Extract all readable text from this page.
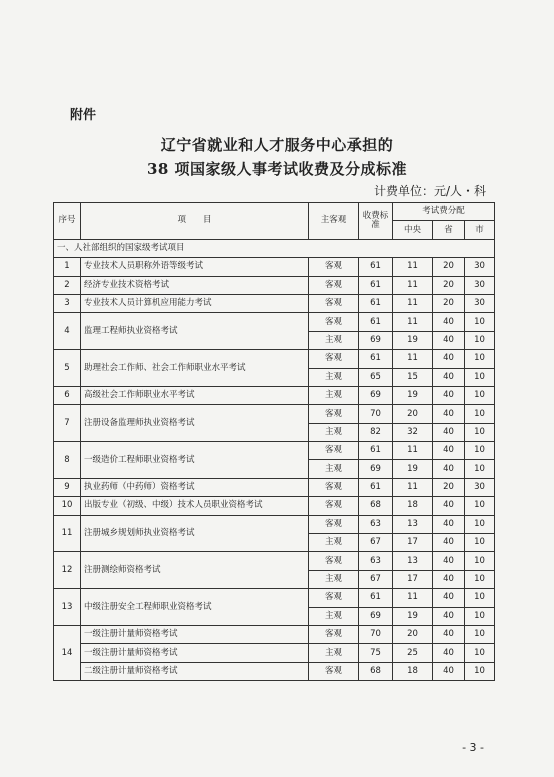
附件
辽宁省就业和人才服务中心承担的
38 项国家级人事考试收费及分成标准
计费单位：元/人・科
序号	项　　目	主客观	收费标准	考试费分配		
				中央	省	市
一、人社部组织的国家级考试项目						
1	专业技术人员职称外语等级考试	客观	61	11	20	30
2	经济专业技术资格考试	客观	61	11	20	30
3	专业技术人员计算机应用能力考试	客观	61	11	20	30
4	监理工程师执业资格考试	客观	61	11	40	10
		主观	69	19	40	10
5	助理社会工作师、社会工作师职业水平考试	客观	61	11	40	10
		主观	65	15	40	10
6	高级社会工作师职业水平考试	主观	69	19	40	10
7	注册设备监理师执业资格考试	客观	70	20	40	10
		主观	82	32	40	10
8	一级造价工程师职业资格考试	客观	61	11	40	10
		主观	69	19	40	10
9	执业药师（中药师）资格考试	客观	61	11	20	30
10	出版专业（初级、中级）技术人员职业资格考试	客观	68	18	40	10
11	注册城乡规划师执业资格考试	客观	63	13	40	10
		主观	67	17	40	10
12	注册测绘师资格考试	客观	63	13	40	10
		主观	67	17	40	10
13	中级注册安全工程师职业资格考试	客观	61	11	40	10
		主观	69	19	40	10
14	一级注册计量师资格考试	客观	70	20	40	10
	一级注册计量师资格考试	主观	75	25	40	10
	二级注册计量师资格考试	客观	68	18	40	10
- 3 -
